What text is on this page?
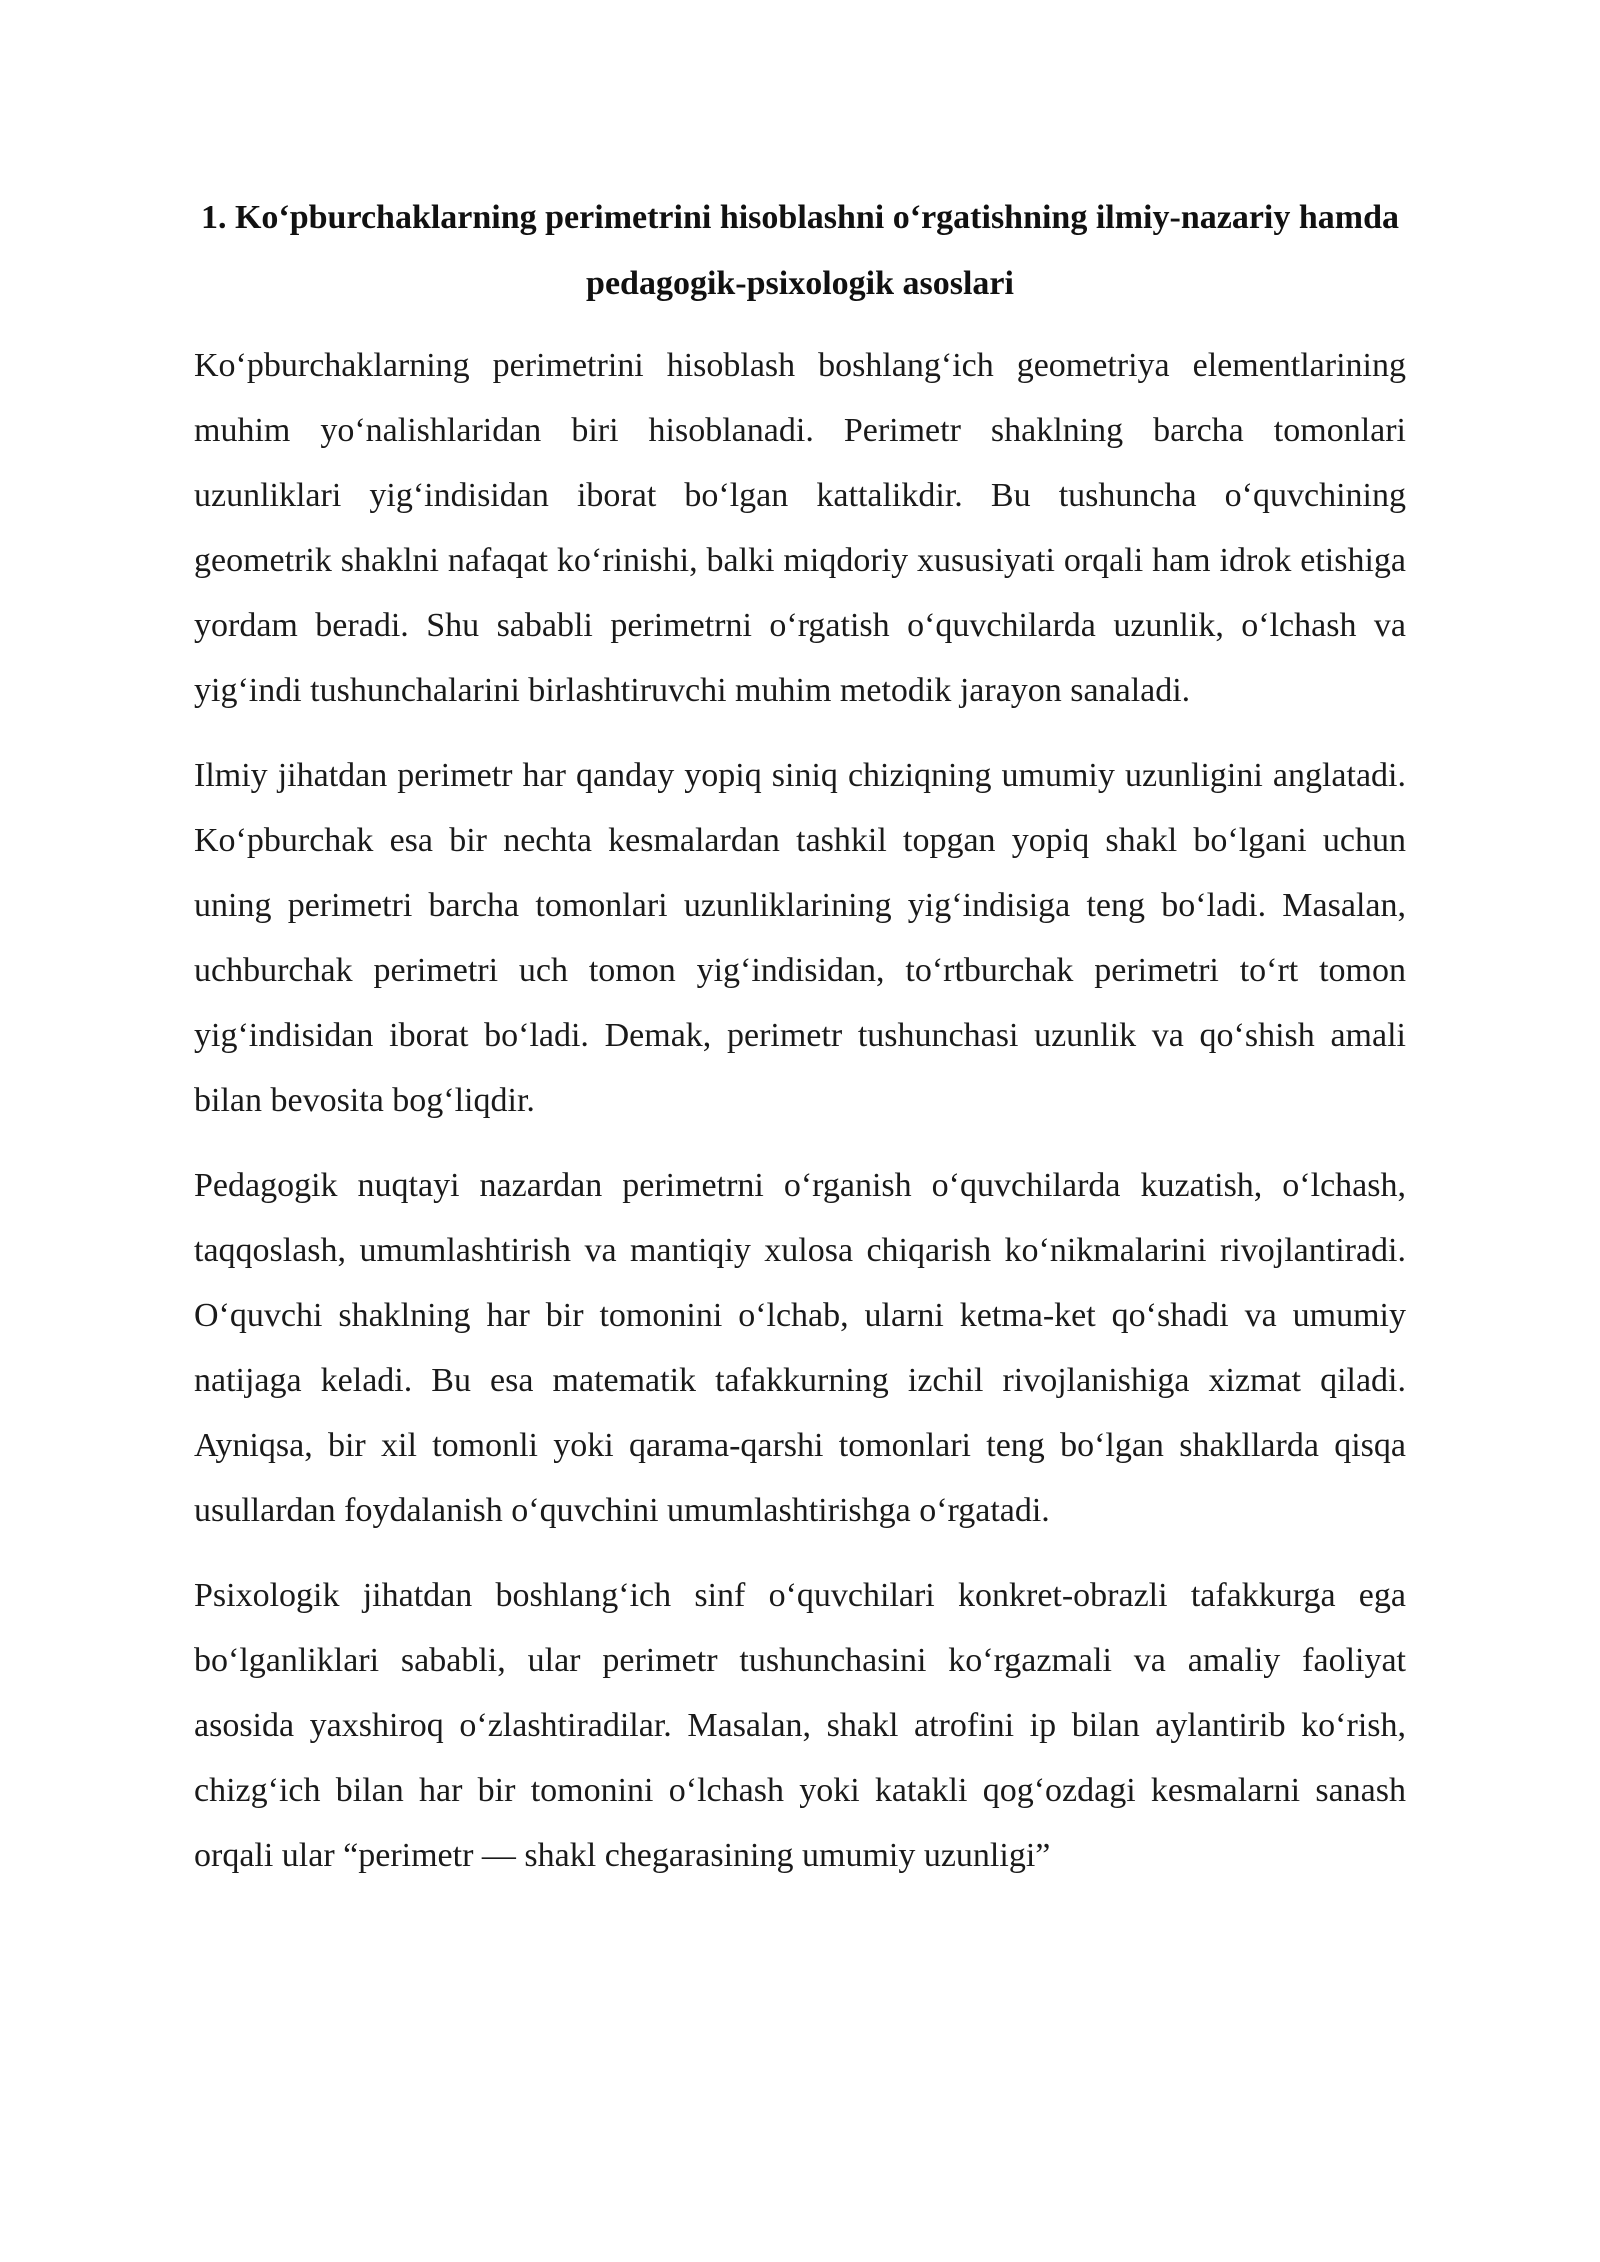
1. Ko‘pburchaklarning perimetrini hisoblashni o‘rgatishning ilmiy-nazariy hamda pedagogik-psixologik asoslari

Ko‘pburchaklarning perimetrini hisoblash boshlang‘ich geometriya elementlarining muhim yo‘nalishlaridan biri hisoblanadi. Perimetr shaklning barcha tomonlari uzunliklari yig‘indisidan iborat bo‘lgan kattalikdir. Bu tushuncha o‘quvchining geometrik shaklni nafaqat ko‘rinishi, balki miqdoriy xususiyati orqali ham idrok etishiga yordam beradi. Shu sababli perimetrni o‘rgatish o‘quvchilarda uzunlik, o‘lchash va yig‘indi tushunchalarini birlashtiruvchi muhim metodik jarayon sanaladi.

Ilmiy jihatdan perimetr har qanday yopiq siniq chiziqning umumiy uzunligini anglatadi. Ko‘pburchak esa bir nechta kesmalardan tashkil topgan yopiq shakl bo‘lgani uchun uning perimetri barcha tomonlari uzunliklarining yig‘indisiga teng bo‘ladi. Masalan, uchburchak perimetri uch tomon yig‘indisidan, to‘rtburchak perimetri to‘rt tomon yig‘indisidan iborat bo‘ladi. Demak, perimetr tushunchasi uzunlik va qo‘shish amali bilan bevosita bog‘liqdir.

Pedagogik nuqtayi nazardan perimetrni o‘rganish o‘quvchilarda kuzatish, o‘lchash, taqqoslash, umumlashtirish va mantiqiy xulosa chiqarish ko‘nikmalarini rivojlantiradi. O‘quvchi shaklning har bir tomonini o‘lchab, ularni ketma-ket qo‘shadi va umumiy natijaga keladi. Bu esa matematik tafakkurning izchil rivojlanishiga xizmat qiladi. Ayniqsa, bir xil tomonli yoki qarama-qarshi tomonlari teng bo‘lgan shakllarda qisqa usullardan foydalanish o‘quvchini umumlashtirishga o‘rgatadi.

Psixologik jihatdan boshlang‘ich sinf o‘quvchilari konkret-obrazli tafakkurga ega bo‘lganliklari sababli, ular perimetr tushunchasini ko‘rgazmali va amaliy faoliyat asosida yaxshiroq o‘zlashtiradilar. Masalan, shakl atrofini ip bilan aylantirib ko‘rish, chizg‘ich bilan har bir tomonini o‘lchash yoki katakli qog‘ozdagi kesmalarni sanash orqali ular “perimetr — shakl chegarasining umumiy uzunligi”
